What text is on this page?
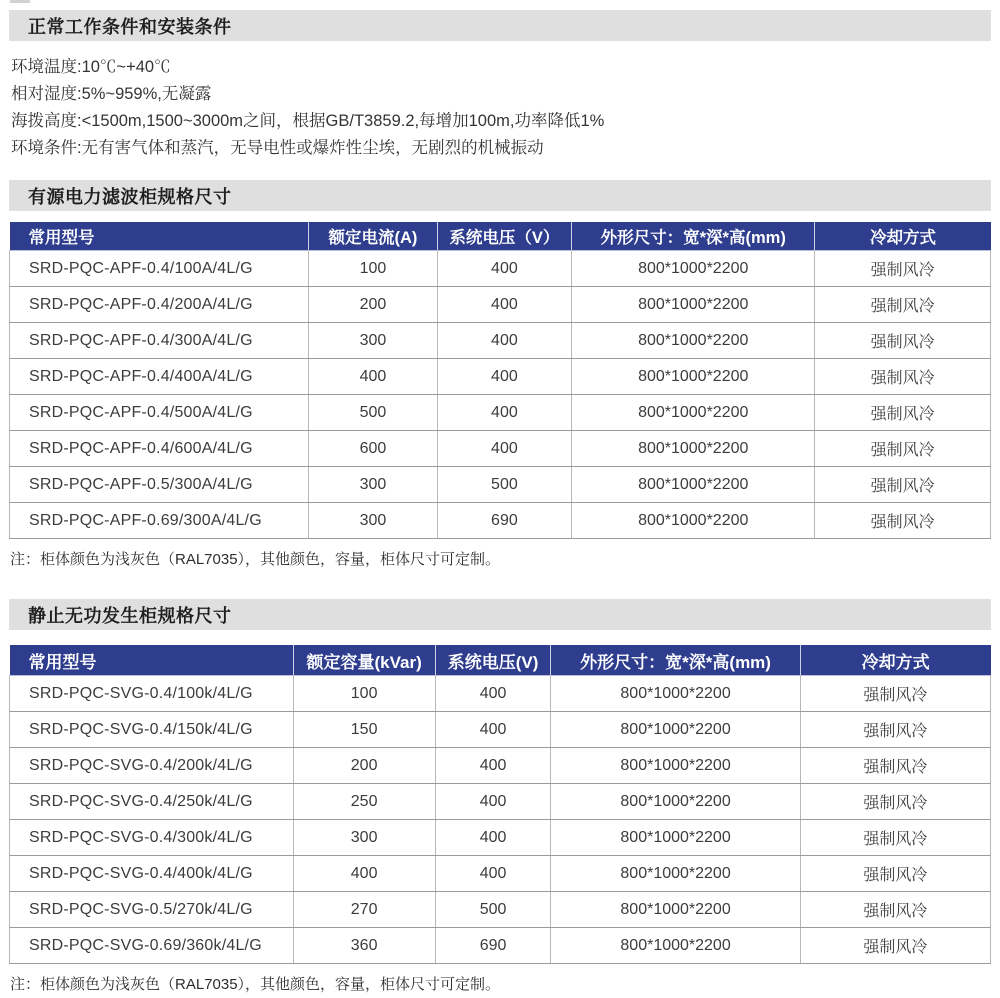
正常工作条件和安装条件
环境温度:10℃~+40℃
相对湿度:5%~959%,无凝露
海拨高度:<1500m,1500~3000m之间，根据GB/T3859.2,每增加100m,功率降低1%
环境条件:无有害气体和蒸汽，无导电性或爆炸性尘埃，无剧烈的机械振动
有源电力滤波柜规格尺寸
常用型号	额定电流(A)	系统电压（V）	外形尺寸：宽*深*高(mm)	冷却方式
SRD-PQC-APF-0.4/100A/4L/G	100	400	800*1000*2200	强制风冷
SRD-PQC-APF-0.4/200A/4L/G	200	400	800*1000*2200	强制风冷
SRD-PQC-APF-0.4/300A/4L/G	300	400	800*1000*2200	强制风冷
SRD-PQC-APF-0.4/400A/4L/G	400	400	800*1000*2200	强制风冷
SRD-PQC-APF-0.4/500A/4L/G	500	400	800*1000*2200	强制风冷
SRD-PQC-APF-0.4/600A/4L/G	600	400	800*1000*2200	强制风冷
SRD-PQC-APF-0.5/300A/4L/G	300	500	800*1000*2200	强制风冷
SRD-PQC-APF-0.69/300A/4L/G	300	690	800*1000*2200	强制风冷
注：柜体颜色为浅灰色（RAL7035），其他颜色，容量，柜体尺寸可定制。
静止无功发生柜规格尺寸
常用型号	额定容量(kVar)	系统电压(V)	外形尺寸：宽*深*高(mm)	冷却方式
SRD-PQC-SVG-0.4/100k/4L/G	100	400	800*1000*2200	强制风冷
SRD-PQC-SVG-0.4/150k/4L/G	150	400	800*1000*2200	强制风冷
SRD-PQC-SVG-0.4/200k/4L/G	200	400	800*1000*2200	强制风冷
SRD-PQC-SVG-0.4/250k/4L/G	250	400	800*1000*2200	强制风冷
SRD-PQC-SVG-0.4/300k/4L/G	300	400	800*1000*2200	强制风冷
SRD-PQC-SVG-0.4/400k/4L/G	400	400	800*1000*2200	强制风冷
SRD-PQC-SVG-0.5/270k/4L/G	270	500	800*1000*2200	强制风冷
SRD-PQC-SVG-0.69/360k/4L/G	360	690	800*1000*2200	强制风冷
注：柜体颜色为浅灰色（RAL7035），其他颜色，容量，柜体尺寸可定制。
